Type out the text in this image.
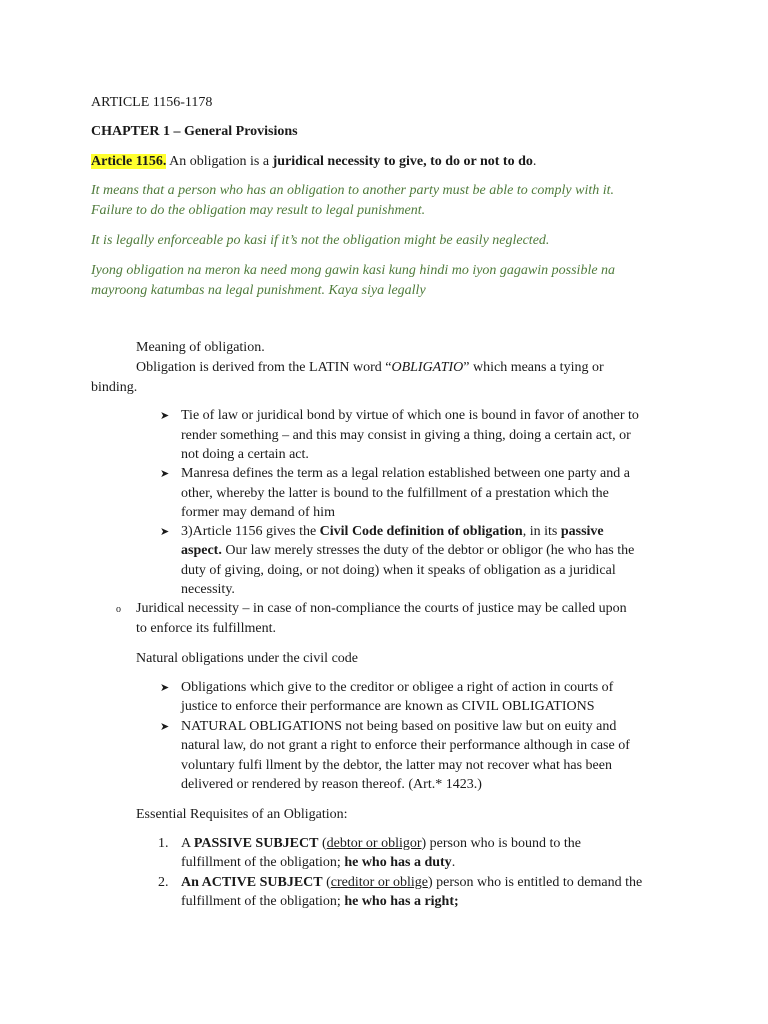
ARTICLE 1156-1178
CHAPTER 1 – General Provisions
Article 1156. An obligation is a juridical necessity to give, to do or not to do.
It means that a person who has an obligation to another party must be able to comply with it.
Failure to do the obligation may result to legal punishment.
It is legally enforceable po kasi if it’s not the obligation might be easily neglected.
Iyong obligation na meron ka need mong gawin kasi kung hindi mo iyon gagawin possible na
mayroong katumbas na legal punishment. Kaya siya legally
Meaning of obligation.
Obligation is derived from the LATIN word “OBLIGATIO” which means a tying or
binding.
➤ Tie of law or juridical bond by virtue of which one is bound in favor of another to
render something – and this may consist in giving a thing, doing a certain act, or
not doing a certain act.
➤ Manresa defines the term as a legal relation established between one party and a
other, whereby the latter is bound to the fulfillment of a prestation which the
former may demand of him
➤ 3)Article 1156 gives the Civil Code definition of obligation, in its passive
aspect. Our law merely stresses the duty of the debtor or obligor (he who has the
duty of giving, doing, or not doing) when it speaks of obligation as a juridical
necessity.
o Juridical necessity – in case of non-compliance the courts of justice may be called upon
to enforce its fulfillment.
Natural obligations under the civil code
➤ Obligations which give to the creditor or obligee a right of action in courts of
justice to enforce their performance are known as CIVIL OBLIGATIONS
➤ NATURAL OBLIGATIONS not being based on positive law but on euity and
natural law, do not grant a right to enforce their performance although in case of
voluntary fulfi llment by the debtor, the latter may not recover what has been
delivered or rendered by reason thereof. (Art.* 1423.)
Essential Requisites of an Obligation:
1. A PASSIVE SUBJECT (debtor or obligor) person who is bound to the
fulfillment of the obligation; he who has a duty.
2. An ACTIVE SUBJECT (creditor or oblige) person who is entitled to demand the
fulfillment of the obligation; he who has a right;
